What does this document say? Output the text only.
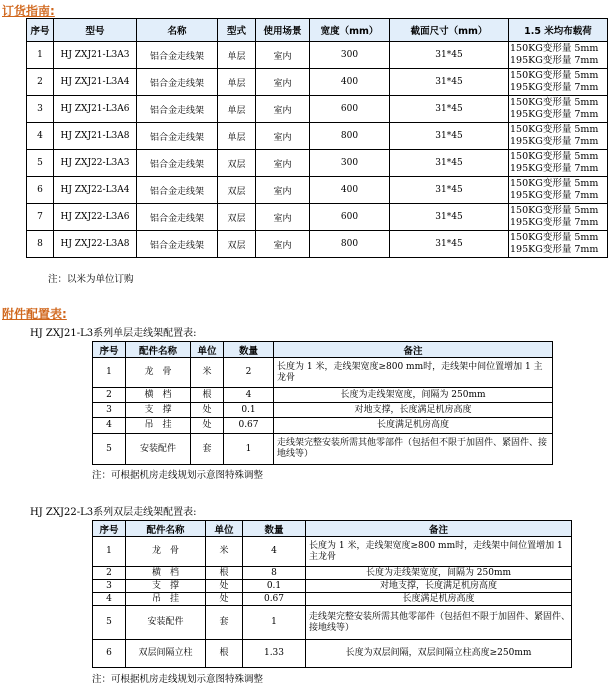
订货指南:
序号	型号	名称	型式	使用场景	宽度（mm）	截面尺寸（mm）	1.5 米均布载荷
1	HJ ZXJ21-L3A3	铝合金走线架	单层	室内	300	31*45	150KG变形量 5mm
195KG变形量 7mm

2	HJ ZXJ21-L3A4	铝合金走线架	单层	室内	400	31*45	150KG变形量 5mm
195KG变形量 7mm

3	HJ ZXJ21-L3A6	铝合金走线架	单层	室内	600	31*45	150KG变形量 5mm
195KG变形量 7mm

4	HJ ZXJ21-L3A8	铝合金走线架	单层	室内	800	31*45	150KG变形量 5mm
195KG变形量 7mm

5	HJ ZXJ22-L3A3	铝合金走线架	双层	室内	300	31*45	150KG变形量 5mm
195KG变形量 7mm

6	HJ ZXJ22-L3A4	铝合金走线架	双层	室内	400	31*45	150KG变形量 5mm
195KG变形量 7mm

7	HJ ZXJ22-L3A6	铝合金走线架	双层	室内	600	31*45	150KG变形量 5mm
195KG变形量 7mm

8	HJ ZXJ22-L3A8	铝合金走线架	双层	室内	800	31*45	150KG变形量 5mm
195KG变形量 7mm
注：以米为单位订购
附件配置表:
HJ ZXJ21-L3系列单层走线架配置表:
序号	配件名称	单位	数量	备注
1	龙　骨	米	2	长度为 1 米，走线架宽度≥800 mm时，走线架中间位置增加 1 主龙骨
2	横　档	根	4	长度为走线架宽度，间隔为 250mm
3	支　撑	处	0.1	对地支撑，长度满足机房高度
4	吊　挂	处	0.67	长度满足机房高度
5	安装配件	套	1	走线架完整安装所需其他零部件（包括但不限于加固件、紧固件、接地线等）
注：可根据机房走线规划示意图特殊调整
HJ ZXJ22-L3系列双层走线架配置表:
序号	配件名称	单位	数量	备注
1	龙　骨	米	4	长度为 1 米，走线架宽度≥800 mm时，走线架中间位置增加 1 主龙骨
2	横　档	根	8	长度为走线架宽度，间隔为 250mm
3	支　撑	处	0.1	对地支撑，长度满足机房高度
4	吊　挂	处	0.67	长度满足机房高度
5	安装配件	套	1	走线架完整安装所需其他零部件（包括但不限于加固件、紧固件、接地线等）
6	双层间隔立柱	根	1.33	长度为双层间隔，双层间隔立柱高度≥250mm
注：可根据机房走线规划示意图特殊调整
